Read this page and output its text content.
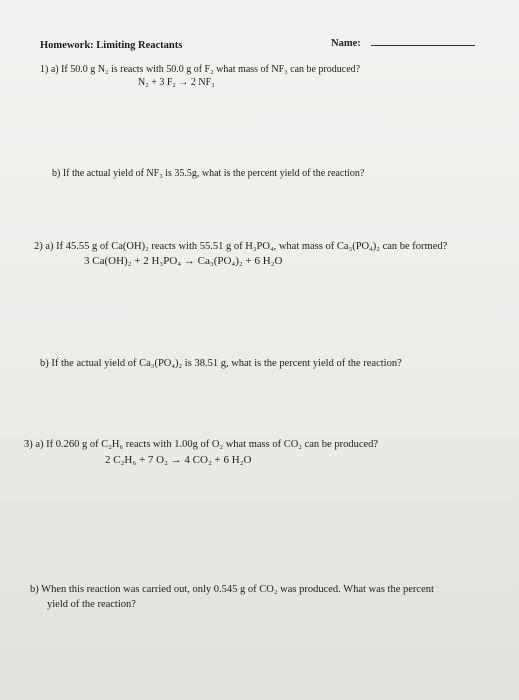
Homework: Limiting Reactants	Name:
1) a) If 50.0 g N₂ is reacts with 50.0 g of F₂ what mass of NF₃ can be produced?
N₂ + 3 F₂ → 2 NF₃
b) If the actual yield of NF₃ is 35.5g, what is the percent yield of the reaction?
2) a) If 45.55 g of Ca(OH)₂ reacts with 55.51 g of H₃PO₄, what mass of Ca₃(PO₄)₂ can be formed?
3 Ca(OH)₂ + 2 H₃PO₄ → Ca₃(PO₄)₂ + 6 H₂O
b) If the actual yield of Ca₃(PO₄)₂ is 38.51 g, what is the percent yield of the reaction?
3) a) If 0.260 g of C₂H₆ reacts with 1.00g of O₂ what mass of CO₂ can be produced?
2 C₂H₆ + 7 O₂ → 4 CO₂ + 6 H₂O
b) When this reaction was carried out, only 0.545 g of CO₂ was produced. What was the percent
yield of the reaction?
